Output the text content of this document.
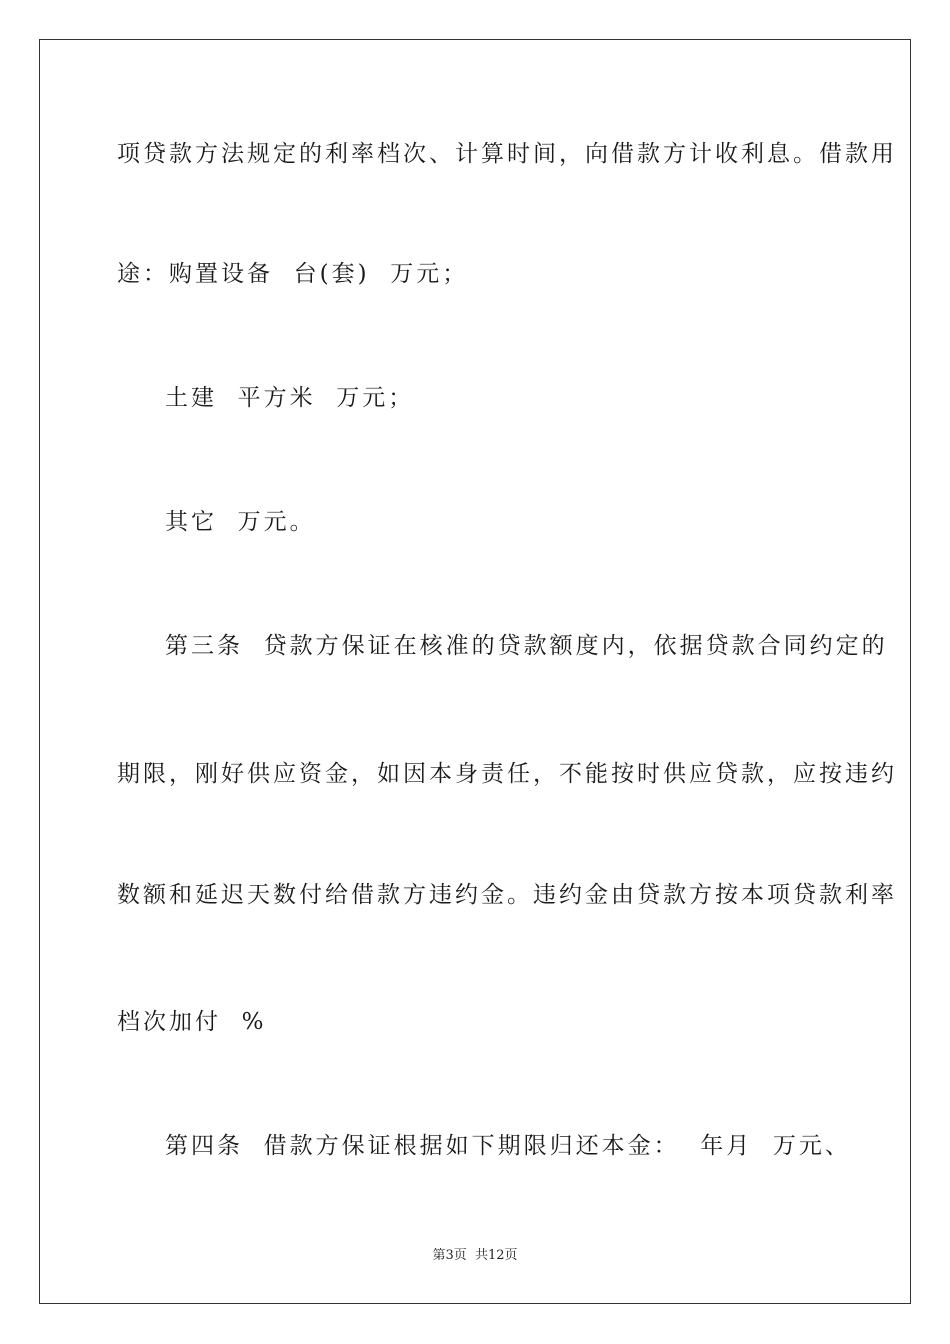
项贷款方法规定的利率档次、计算时间，向借款方计收利息。借款用
途：购置设备  台(套)  万元；
土建  平方米  万元；
其它  万元。
第三条  贷款方保证在核准的贷款额度内，依据贷款合同约定的
期限，刚好供应资金，如因本身责任，不能按时供应贷款，应按违约
数额和延迟天数付给借款方违约金。违约金由贷款方按本项贷款利率
档次加付  %
第四条  借款方保证根据如下期限归还本金：  年月  万元、
第3页  共12页
